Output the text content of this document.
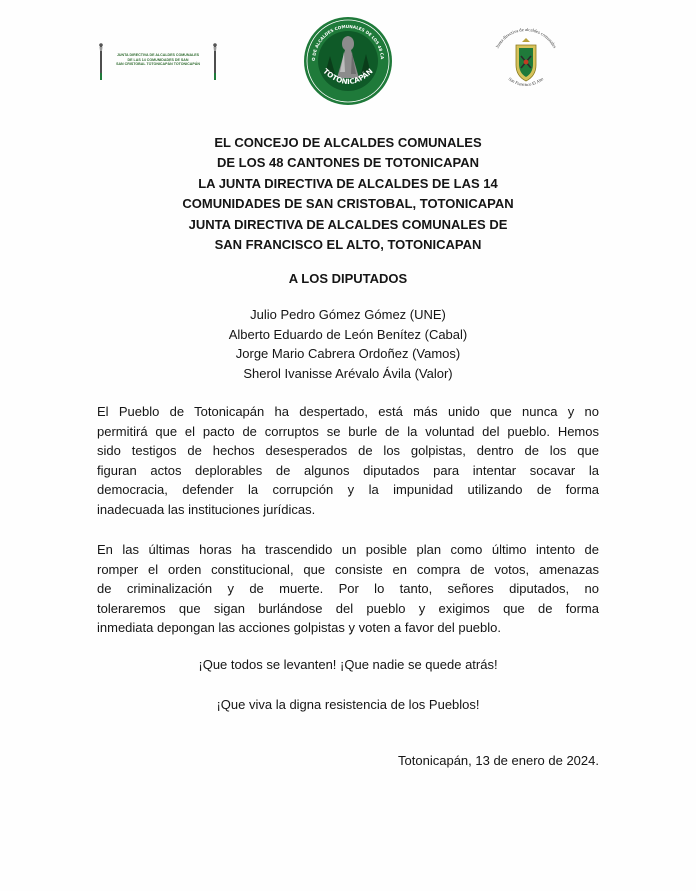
JUNTA DIRECTIVA DE ALCALDES COMUNALES
DE LAS 14 COMUNIDADES DE SAN
SAN CRISTOBAL TOTONICAPÁN TOTONICAPÁN
O DE ALCALDES COMUNALES DE LOS 48 CA
TOTONICAPÁN
Junta directiva de alcaldes comunales
San Francisco El Alto
EL CONCEJO DE ALCALDES COMUNALES
DE LOS 48 CANTONES DE TOTONICAPAN
LA JUNTA DIRECTIVA DE ALCALDES DE LAS 14
COMUNIDADES DE SAN CRISTOBAL, TOTONICAPAN
JUNTA DIRECTIVA DE ALCALDES COMUNALES DE
SAN FRANCISCO EL ALTO, TOTONICAPAN
A LOS DIPUTADOS
Julio Pedro Gómez Gómez (UNE)
Alberto Eduardo de León Benítez (Cabal)
Jorge Mario Cabrera Ordoñez (Vamos)
Sherol Ivanisse Arévalo Ávila (Valor)
El Pueblo de Totonicapán ha despertado, está más unido que nunca y no
permitirá que el pacto de corruptos se burle de la voluntad del pueblo. Hemos
sido testigos de hechos desesperados de los golpistas, dentro de los que
figuran actos deplorables de algunos diputados para intentar socavar la
democracia, defender la corrupción y la impunidad utilizando de forma
inadecuada las instituciones jurídicas.
En las últimas horas ha trascendido un posible plan como último intento de
romper el orden constitucional, que consiste en compra de votos, amenazas
de criminalización y de muerte. Por lo tanto, señores diputados, no
toleraremos que sigan burlándose del pueblo y exigimos que de forma
inmediata depongan las acciones golpistas y voten a favor del pueblo.
¡Que todos se levanten! ¡Que nadie se quede atrás!
¡Que viva la digna resistencia de los Pueblos!
Totonicapán, 13 de enero de 2024.
